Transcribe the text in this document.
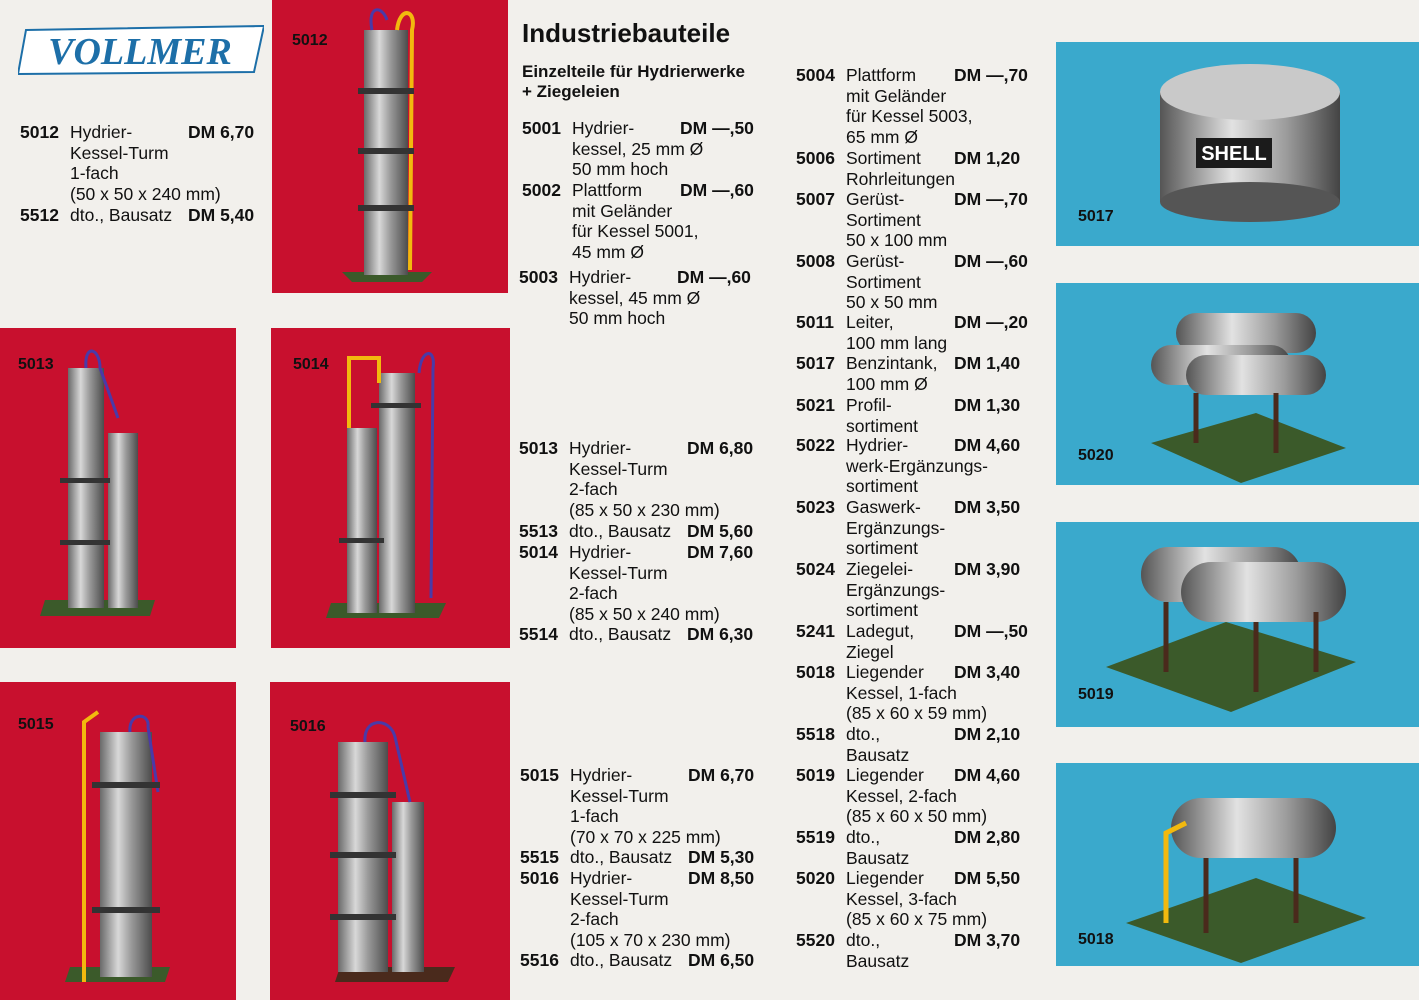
VOLLMER
5012 Hydrier-
Kessel-Turm
1-fach
(50 x 50 x 240 mm)
DM 6,70
5512 dto., Bausatz DM 5,40
5012
5013	5014
5015	5016
Industriebauteile
Einzelteile für Hydrierwerke
+ Ziegeleien
5001 Hydrier-
kessel, 25 mm Ø
50 mm hoch
DM —,50
5002 Plattform
mit Geländer
für Kessel 5001,
45 mm Ø
DM —,60
5003 Hydrier-
kessel, 45 mm Ø
50 mm hoch
DM —,60
5013 Hydrier-
Kessel-Turm
2-fach
(85 x 50 x 230 mm)
DM 6,80
5513 dto., Bausatz DM 5,60
5014 Hydrier-
Kessel-Turm
2-fach
(85 x 50 x 240 mm)
DM 7,60
5514 dto., Bausatz DM 6,30
5015 Hydrier-
Kessel-Turm
1-fach
(70 x 70 x 225 mm)
DM 6,70
5515 dto., Bausatz DM 5,30
5016 Hydrier-
Kessel-Turm
2-fach
(105 x 70 x 230 mm)
DM 8,50
5516 dto., Bausatz DM 6,50
5004 Plattform
mit Geländer
für Kessel 5003,
65 mm Ø
DM —,70
5006 Sortiment
Rohrleitungen
DM 1,20
5007 Gerüst-
Sortiment
50 x 100 mm
DM —,70
5008 Gerüst-
Sortiment
50 x 50 mm
DM —,60
5011 Leiter,
100 mm lang
DM —,20
5017 Benzintank,
100 mm Ø
DM 1,40
5021 Profil-
sortiment
DM 1,30
5022 Hydrier-
werk-Ergänzungs-
sortiment
DM 4,60
5023 Gaswerk-
Ergänzungs-
sortiment
DM 3,50
5024 Ziegelei-
Ergänzungs-
sortiment
DM 3,90
5241 Ladegut,
Ziegel
DM —,50
5018 Liegender
Kessel, 1-fach
(85 x 60 x 59 mm)
DM 3,40
5518 dto.,
Bausatz
DM 2,10
5019 Liegender
Kessel, 2-fach
(85 x 60 x 50 mm)
DM 4,60
5519 dto.,
Bausatz
DM 2,80
5020 Liegender
Kessel, 3-fach
(85 x 60 x 75 mm)
DM 5,50
5520 dto.,
Bausatz
DM 3,70
5017
SHELL
5020
5019
5018
